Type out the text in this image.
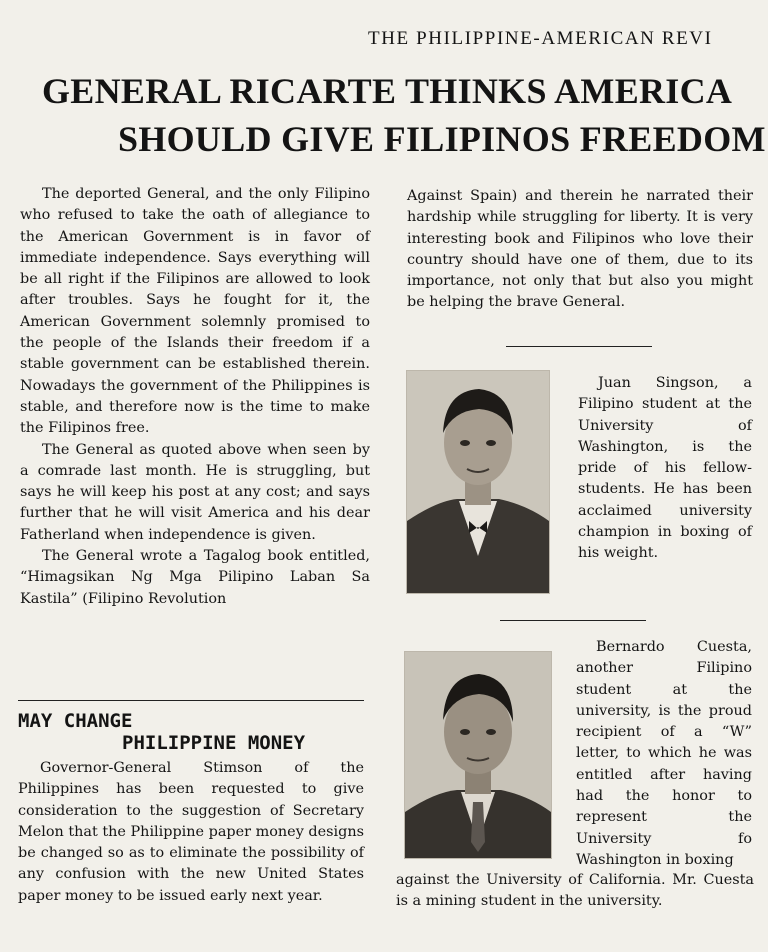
THE PHILIPPINE-AMERICAN REVI
GENERAL RICARTE THINKS AMERICA
SHOULD GIVE FILIPINOS FREEDOM

The deported General, and the only Filipino who refused to take the oath of allegiance to the American Government is in favor of immediate independence. Says everything will be all right if the Filipinos are allowed to look after troubles. Says he fought for it, the American Government solemnly promised to the people of the Islands their freedom if a stable government can be established therein. Nowadays the government of the Philippines is stable, and therefore now is the time to make the Filipinos free.

The General as quoted above when seen by a comrade last month. He is struggling, but says he will keep his post at any cost; and says further that he will visit America and his dear Fatherland when independence is given.

The General wrote a Tagalog book entitled, “Himagsikan Ng Mga Pilipino Laban Sa Kastila” (Filipino Revolution

Against Spain) and therein he narrated their hardship while struggling for liberty. It is very interesting book and Filipinos who love their country should have one of them, due to its importance, not only that but also you might be helping the brave General.

MAY CHANGE
PHILIPPINE MONEY

Governor-General Stimson of the Philippines has been requested to give consideration to the suggestion of Secretary Melon that the Philippine paper money designs be changed so as to eliminate the possibility of any confusion with the new United States paper money to be issued early next year.

Juan Singson, a Filipino student at the University of Washington, is the pride of his fellow-students. He has been acclaimed university champion in boxing of his weight.

Bernardo Cuesta, another Filipino student at the university, is the proud recipient of a “W” letter, to which he was entitled after having had the honor to represent the University fo Washington in boxing

against the University of California. Mr. Cuesta is a mining student in the university.
